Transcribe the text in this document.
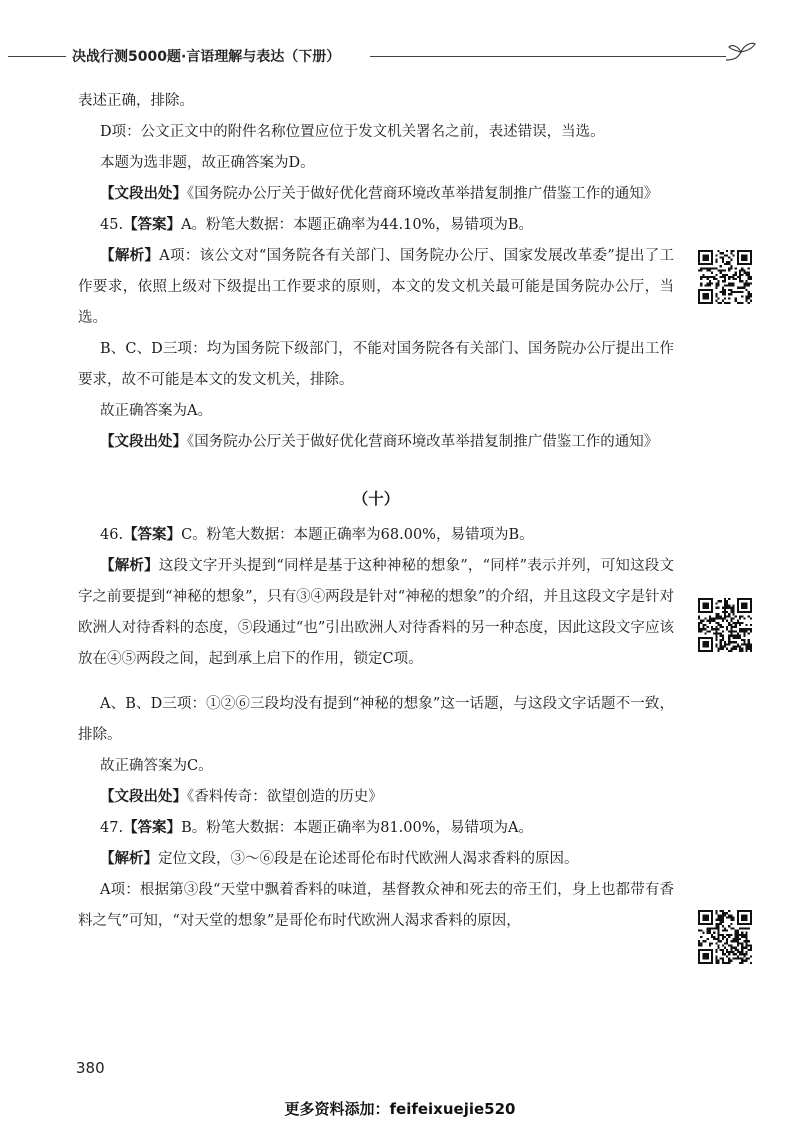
决战行测5000题·言语理解与表达（下册）

表述正确，排除。

D项：公文正文中的附件名称位置应位于发文机关署名之前，表述错误，当选。

本题为选非题，故正确答案为D。

【文段出处】《国务院办公厅关于做好优化营商环境改革举措复制推广借鉴工作的通知》

45.【答案】A。粉笔大数据：本题正确率为44.10%，易错项为B。

【解析】A项：该公文对“国务院各有关部门、国务院办公厅、国家发展改革委”提出了工作要求，依照上级对下级提出工作要求的原则，本文的发文机关最可能是国务院办公厅，当选。

B、C、D三项：均为国务院下级部门，不能对国务院各有关部门、国务院办公厅提出工作要求，故不可能是本文的发文机关，排除。

故正确答案为A。

【文段出处】《国务院办公厅关于做好优化营商环境改革举措复制推广借鉴工作的通知》

（十）

46.【答案】C。粉笔大数据：本题正确率为68.00%，易错项为B。

【解析】这段文字开头提到“同样是基于这种神秘的想象”，“同样”表示并列，可知这段文字之前要提到“神秘的想象”，只有③④两段是针对“神秘的想象”的介绍，并且这段文字是针对欧洲人对待香料的态度，⑤段通过“也”引出欧洲人对待香料的另一种态度，因此这段文字应该放在④⑤两段之间，起到承上启下的作用，锁定C项。

A、B、D三项：①②⑥三段均没有提到“神秘的想象”这一话题，与这段文字话题不一致，排除。

故正确答案为C。

【文段出处】《香料传奇：欲望创造的历史》

47.【答案】B。粉笔大数据：本题正确率为81.00%，易错项为A。

【解析】定位文段，③～⑥段是在论述哥伦布时代欧洲人渴求香料的原因。

A项：根据第③段“天堂中飘着香料的味道，基督教众神和死去的帝王们，身上也都带有香料之气”可知，“对天堂的想象”是哥伦布时代欧洲人渴求香料的原因，

380
更多资料添加：feifeixuejie520
